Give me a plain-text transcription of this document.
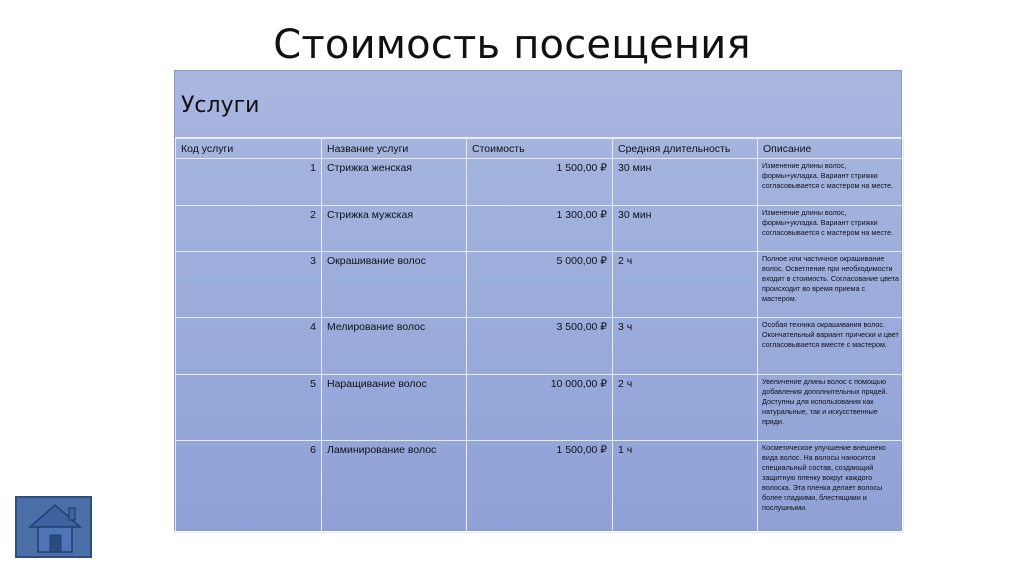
Стоимость посещения
Услуги
Код услуги	Название услуги	Стоимость	Средняя длительность	Описание
1	Стрижка женская	1 500,00 ₽	30 мин	Изменение длины волос, формы+укладка. Вариант стрижки согласовывается с мастером на месте.
2	Стрижка мужская	1 300,00 ₽	30 мин	Изменение длины волос, формы+укладка. Вариант стрижки согласовывается с мастером на месте.
3	Окрашивание волос	5 000,00 ₽	2 ч	Полное или частичное окрашивание волос. Осветление при необходимости входит в стоимость. Согласование цвета происходит во время приема с мастером.
4	Мелирование волос	3 500,00 ₽	3 ч	Особая техника окрашивания волос. Окончательный вариант прически и цвет согласовывается вместе с мастером.
5	Наращивание волос	10 000,00 ₽	2 ч	Увеличение длины волос с помощью добавления дополнительных прядей. Доступны для использования как натуральные, так и искусственные пряди.
6	Ламинирование волос	1 500,00 ₽	1 ч	Косметическое улучшение внешнеко вида волос. На волосы наносится специальный состав, создающий защитную пленку вокруг каждого волоска. Эта пленка делает волосы более гладкими, блестящими и послушными.
